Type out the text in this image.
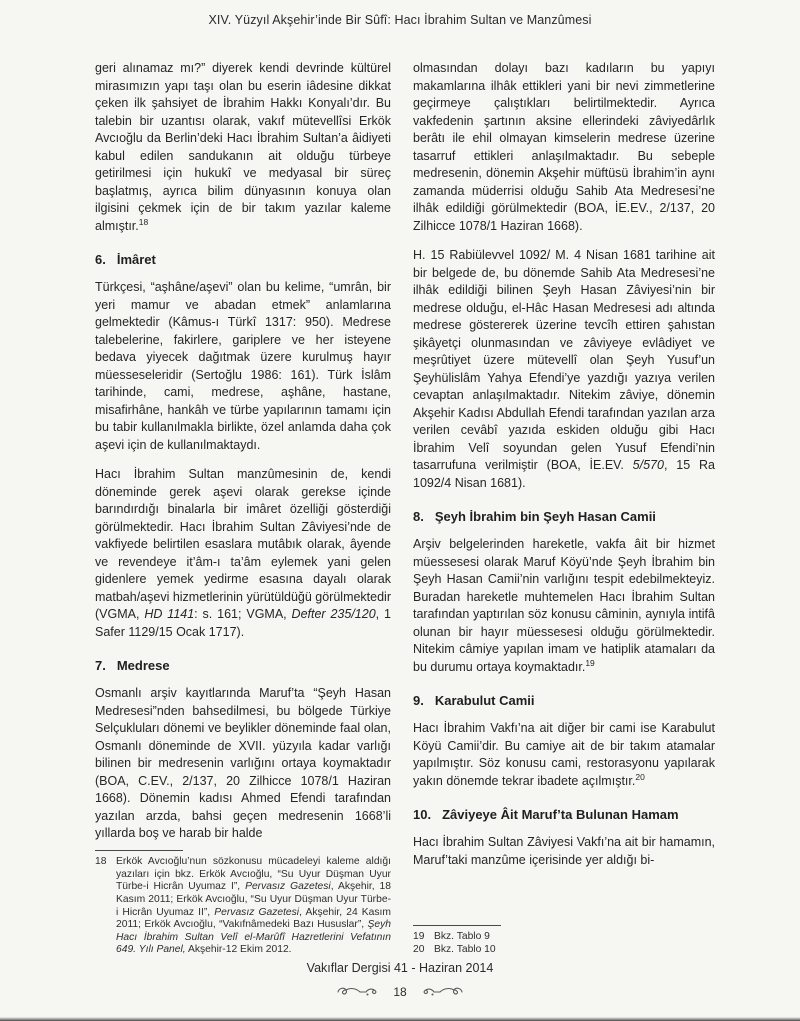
XIV. Yüzyıl Akşehir’inde Bir Sûfî: Hacı İbrahim Sultan ve Manzûmesi

geri alınamaz mı?” diyerek kendi devrinde kültürel mirasımızın yapı taşı olan bu eserin iâdesine dikkat çeken ilk şahsiyet de İbrahim Hakkı Konyalı’dır. Bu talebin bir uzantısı olarak, vakıf mütevellîsi Erkök Avcıoğlu da Berlin’deki Hacı İbrahim Sultan’a âidiyeti kabul edilen sandukanın ait olduğu türbeye getirilmesi için hukukî ve medyasal bir süreç başlatmış, ayrıca bilim dünyasının konuya olan ilgisini çekmek için de bir takım yazılar kaleme almıştır.$^{18}$

6. İmâret

Türkçesi, “aşhâne/aşevi” olan bu kelime, “umrân, bir yeri mamur ve abadan etmek” anlamlarına gelmektedir (Kâmus-ı Türkî 1317: 950). Medrese talebelerine, fakirlere, gariplere ve her isteyene bedava yiyecek dağıtmak üzere kurulmuş hayır müesseseleridir (Sertoğlu 1986: 161). Türk İslâm tarihinde, cami, medrese, aşhâne, hastane, misafirhâne, hankâh ve türbe yapılarının tamamı için bu tabir kullanılmakla birlikte, özel anlamda daha çok aşevi için de kullanılmaktaydı.

Hacı İbrahim Sultan manzûmesinin de, kendi döneminde gerek aşevi olarak gerekse içinde barındırdığı binalarla bir imâret özelliği gösterdiği görülmektedir. Hacı İbrahim Sultan Zâviyesi’nde de vakfiyede belirtilen esaslara mutâbık olarak, âyende ve revendeye it’âm-ı ta’âm eylemek yani gelen gidenlere yemek yedirme esasına dayalı olarak matbah/aşevi hizmetlerinin yürütüldüğü görülmektedir (VGMA, HD 1141: s. 161; VGMA, Defter 235/120, 1 Safer 1129/15 Ocak 1717).

7. Medrese

Osmanlı arşiv kayıtlarında Maruf’ta “Şeyh Hasan Medresesi”nden bahsedilmesi, bu bölgede Türkiye Selçukluları dönemi ve beylikler döneminde faal olan, Osmanlı döneminde de XVII. yüzyıla kadar varlığı bilinen bir medresenin varlığını ortaya koymaktadır (BOA, C.EV., 2/137, 20 Zilhicce 1078/1 Haziran 1668). Dönemin kadısı Ahmed Efendi tarafından yazılan arzda, bahsi geçen medresenin 1668’li yıllarda boş ve harab bir halde

18 Erkök Avcıoğlu’nun sözkonusu mücadeleyi kaleme aldığı yazıları için bkz. Erkök Avcıoğlu, “Su Uyur Düşman Uyur Türbe-i Hicrân Uyumaz I”, Pervasız Gazetesi, Akşehir, 18 Kasım 2011; Erkök Avcıoğlu, “Su Uyur Düşman Uyur Türbe-i Hicrân Uyumaz II”, Pervasız Gazetesi, Akşehir, 24 Kasım 2011; Erkök Avcıoğlu, “Vakıfnâmedeki Bazı Hususlar”, Şeyh Hacı İbrahim Sultan Velî el-Marûfî Hazretlerini Vefatının 649. Yılı Panel, Akşehir-12 Ekim 2012.

olmasından dolayı bazı kadıların bu yapıyı makamlarına ilhâk ettikleri yani bir nevi zimmetlerine geçirmeye çalıştıkları belirtilmektedir. Ayrıca vakfedenin şartının aksine ellerindeki zâviyedârlık berâtı ile ehil olmayan kimselerin medrese üzerine tasarruf ettikleri anlaşılmaktadır. Bu sebeple medresenin, dönemin Akşehir müftüsü İbrahim’in aynı zamanda müderrisi olduğu Sahib Ata Medresesi’ne ilhâk edildiği görülmektedir (BOA, İE.EV., 2/137, 20 Zilhicce 1078/1 Haziran 1668).

H. 15 Rabiülevvel 1092/ M. 4 Nisan 1681 tarihine ait bir belgede de, bu dönemde Sahib Ata Medresesi’ne ilhâk edildiği bilinen Şeyh Hasan Zâviyesi’nin bir medrese olduğu, el-Hâc Hasan Medresesi adı altında medrese göstererek üzerine tevcîh ettiren şahıstan şikâyetçi olunmasından ve zâviyeye evlâdiyet ve meşrûtiyet üzere mütevellî olan Şeyh Yusuf’un Şeyhülislâm Yahya Efendi’ye yazdığı yazıya verilen cevaptan anlaşılmaktadır. Nitekim zâviye, dönemin Akşehir Kadısı Abdullah Efendi tarafından yazılan arza verilen cevâbî yazıda eskiden olduğu gibi Hacı İbrahim Velî soyundan gelen Yusuf Efendi’nin tasarrufuna verilmiştir (BOA, İE.EV. 5/570, 15 Ra 1092/4 Nisan 1681).

8. Şeyh İbrahim bin Şeyh Hasan Camii

Arşiv belgelerinden hareketle, vakfa âit bir hizmet müessesesi olarak Maruf Köyü’nde Şeyh İbrahim bin Şeyh Hasan Camii’nin varlığını tespit edebilmekteyiz. Buradan hareketle muhtemelen Hacı İbrahim Sultan tarafından yaptırılan söz konusu câminin, aynıyla intifâ olunan bir hayır müessesesi olduğu görülmektedir. Nitekim câmiye yapılan imam ve hatiplik atamaları da bu durumu ortaya koymaktadır.$^{19}$

9. Karabulut Camii

Hacı İbrahim Vakfı’na ait diğer bir cami ise Karabulut Köyü Camii’dir. Bu camiye ait de bir takım atamalar yapılmıştır. Söz konusu cami, restorasyonu yapılarak yakın dönemde tekrar ibadete açılmıştır.$^{20}$

10. Zâviyeye Âit Maruf’ta Bulunan Hamam

Hacı İbrahim Sultan Zâviyesi Vakfı’na ait bir hamamın, Maruf’taki manzûme içerisinde yer aldığı bi-

19 Bkz. Tablo 9
20 Bkz. Tablo 10
Vakıflar Dergisi 41 - Haziran 2014
18
